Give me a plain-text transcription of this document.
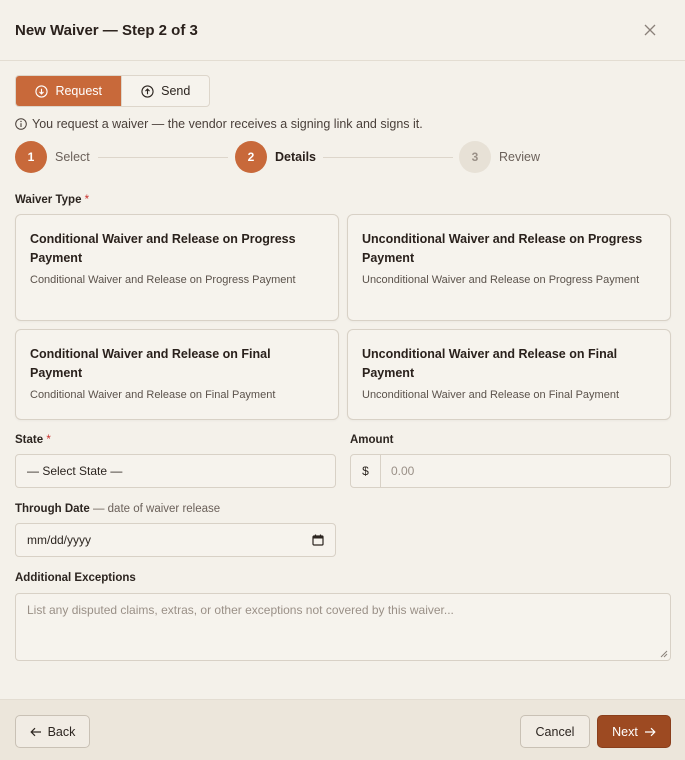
New Waiver — Step 2 of 3
Request	Send
You request a waiver — the vendor receives a signing link and signs it.
1	Select	2	Details	3	Review
Waiver Type *
Conditional Waiver and Release on Progress Payment
Conditional Waiver and Release on Progress Payment
Unconditional Waiver and Release on Progress Payment
Unconditional Waiver and Release on Progress Payment
Conditional Waiver and Release on Final Payment
Conditional Waiver and Release on Final Payment
Unconditional Waiver and Release on Final Payment
Unconditional Waiver and Release on Final Payment
State *
— Select State —
Amount
$	0.00
Through Date — date of waiver release
mm/dd/yyyy
Additional Exceptions
List any disputed claims, extras, or other exceptions not covered by this waiver...
Back	Cancel	Next
